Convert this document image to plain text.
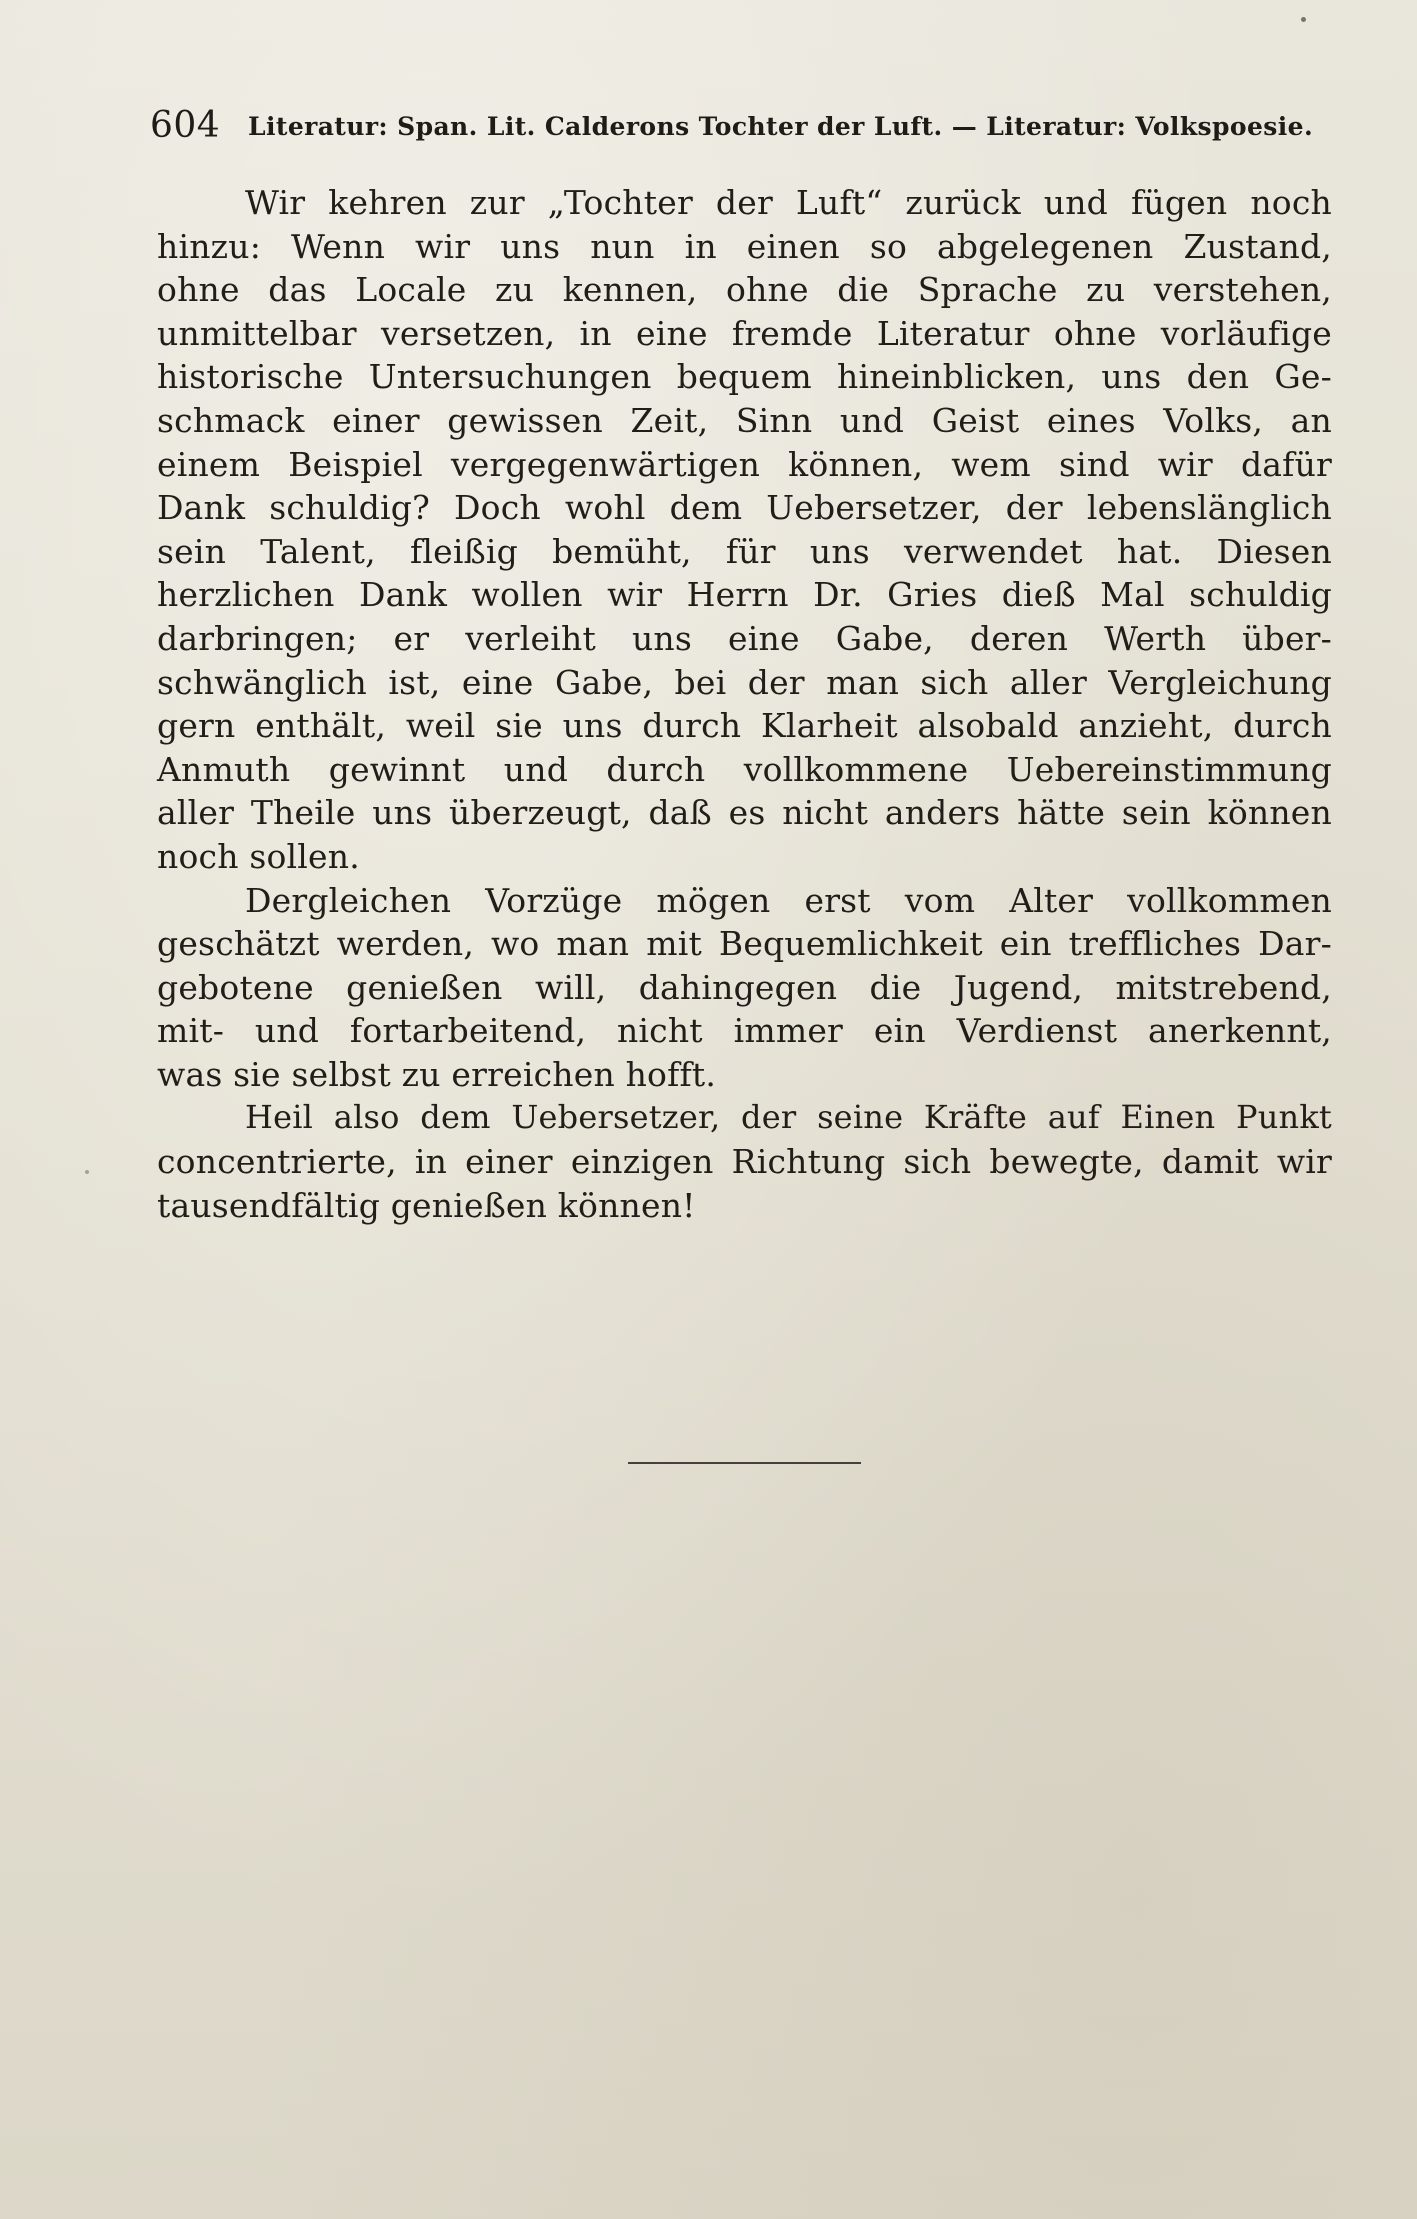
604 Literatur: Span. Lit. Calderons Tochter der Luft. — Literatur: Volkspoesie.
Wir kehren zur „Tochter der Luft“ zurück und fügen noch
hinzu: Wenn wir uns nun in einen so abgelegenen Zustand,
ohne das Locale zu kennen, ohne die Sprache zu verstehen,
unmittelbar versetzen, in eine fremde Literatur ohne vorläufige
historische Untersuchungen bequem hineinblicken, uns den Ge-
schmack einer gewissen Zeit, Sinn und Geist eines Volks, an
einem Beispiel vergegenwärtigen können, wem sind wir dafür
Dank schuldig? Doch wohl dem Uebersetzer, der lebenslänglich
sein Talent, fleißig bemüht, für uns verwendet hat. Diesen
herzlichen Dank wollen wir Herrn Dr. Gries dieß Mal schuldig
darbringen; er verleiht uns eine Gabe, deren Werth über-
schwänglich ist, eine Gabe, bei der man sich aller Vergleichung
gern enthält, weil sie uns durch Klarheit alsobald anzieht, durch
Anmuth gewinnt und durch vollkommene Uebereinstimmung
aller Theile uns überzeugt, daß es nicht anders hätte sein können
noch sollen.
Dergleichen Vorzüge mögen erst vom Alter vollkommen
geschätzt werden, wo man mit Bequemlichkeit ein treffliches Dar-
gebotene genießen will, dahingegen die Jugend, mitstrebend,
mit- und fortarbeitend, nicht immer ein Verdienst anerkennt,
was sie selbst zu erreichen hofft.
Heil also dem Uebersetzer, der seine Kräfte auf Einen Punkt
concentrierte, in einer einzigen Richtung sich bewegte, damit wir
tausendfältig genießen können!
